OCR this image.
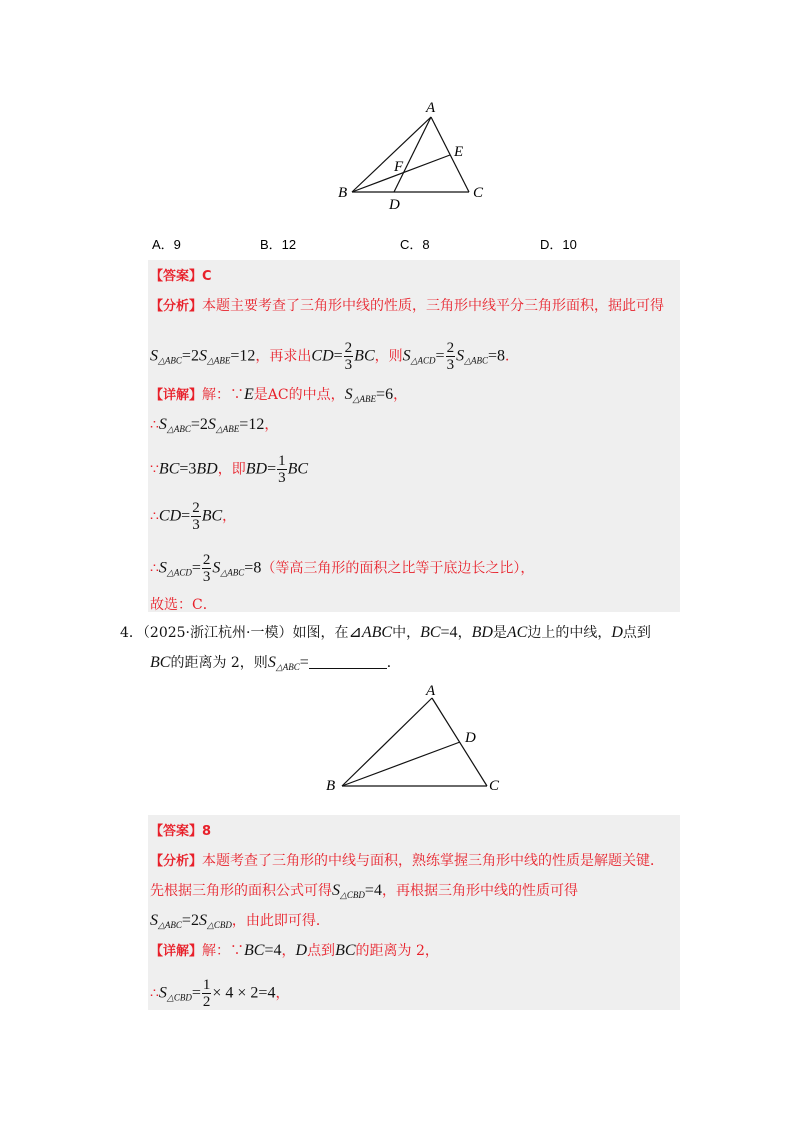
A
E
F
B	C
D
A．9	B．12	C．8	D．10
【答案】C
【分析】本题主要考查了三角形中线的性质，三角形中线平分三角形面积，据此可得
$S_{\triangle ABC}=2S_{\triangle ABE}=12$，再求出$CD= \frac{2}{3}$ BC，则$S_{\triangle ACD}= \frac{2}{3} S_{\triangle ABC}=8$．
【详解】解：∵E是AC的中点，$S_{\triangle ABE}=6$，
$\therefore S_{\triangle ABC}=2S_{\triangle ABE}=12$，
∵BC=3BD，即$BD= \frac{1}{3}$ BC
∴CD= $\frac{2}{3}$ BC，
$\therefore S_{\triangle ACD}= \frac{2}{3} S_{\triangle ABC}=8$（等高三角形的面积之比等于底边长之比），
故选：C．
4．（2025·浙江杭州·一模）如图，在⊿ABC中，BC=4，BD是AC边上的中线，D点到
BC的距离为 2，则$S_{\triangle ABC}=$	．
A
D
B	C
【答案】8
【分析】本题考查了三角形的中线与面积，熟练掌握三角形中线的性质是解题关键．
先根据三角形的面积公式可得$S_{\triangle CBD}=4$，再根据三角形中线的性质可得
$S_{\triangle ABC}=2S_{\triangle CBD}$，由此即可得．
【详解】解：∵BC=4，D点到BC的距离为 2，
$\therefore S_{\triangle CBD}= \frac{1}{2} \times 4 \times 2=4$，
